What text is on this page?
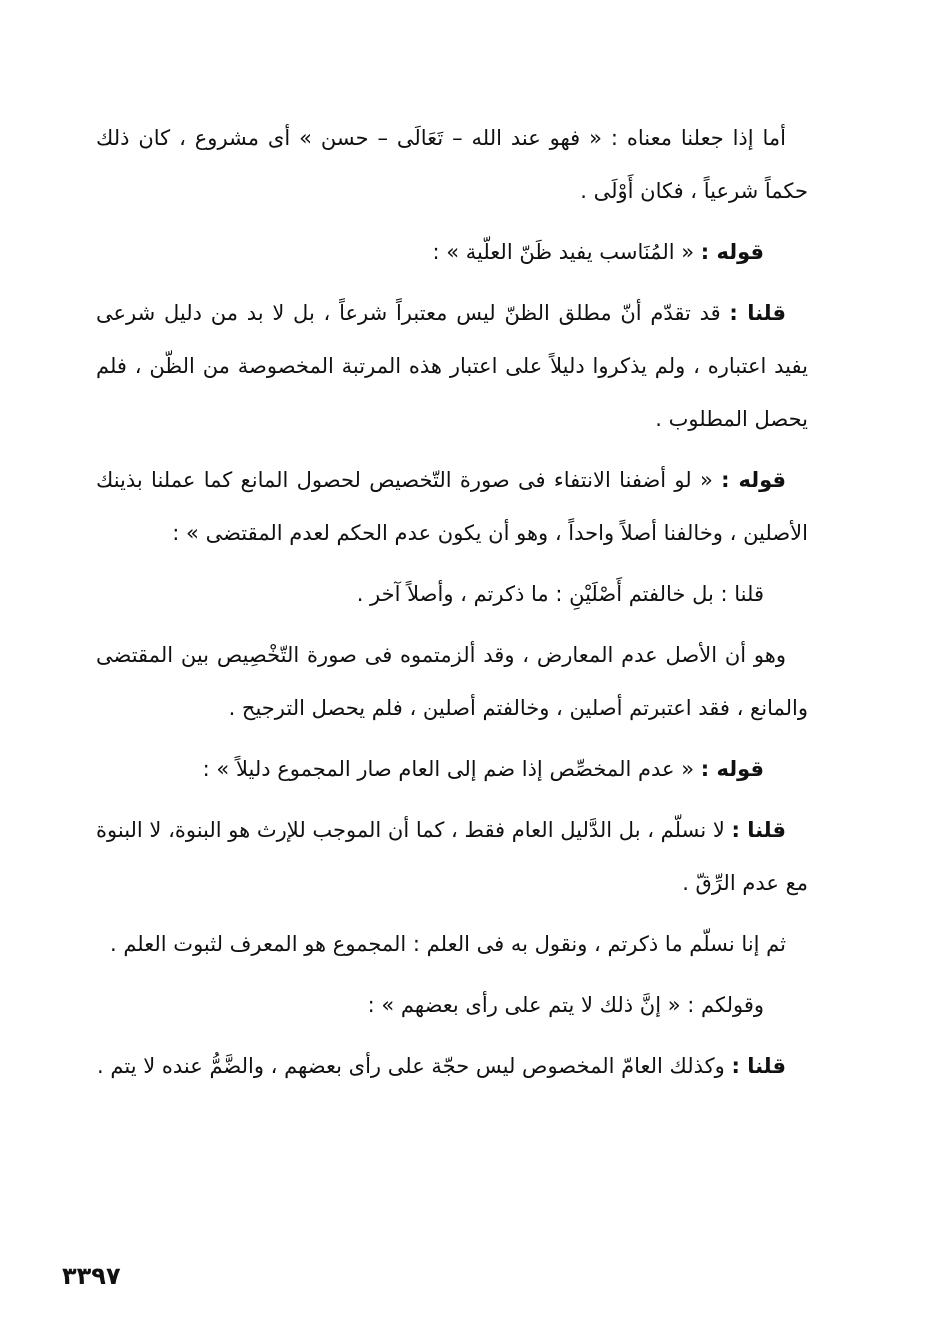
أما إذا جعلنا معناه : « فهو عند الله – تَعَالَى – حسن » أى مشروع ، كان ذلك حكماً شرعياً ، فكان أَوْلَى .

قوله : « المُنَاسب يفيد ظَنّ العلّية » :

قلنا : قد تقدّم أنّ مطلق الظنّ ليس معتبراً شرعاً ، بل لا بد من دليل شرعى يفيد اعتباره ، ولم يذكروا دليلاً على اعتبار هذه المرتبة المخصوصة من الظّن ، فلم يحصل المطلوب .

قوله : « لو أضفنا الانتفاء فى صورة التّخصيص لحصول المانع كما عملنا بذينك الأصلين ، وخالفنا أصلاً واحداً ، وهو أن يكون عدم الحكم لعدم المقتضى » :

قلنا : بل خالفتم أَصْلَيْنِ : ما ذكرتم ، وأصلاً آخر .

وهو أن الأصل عدم المعارض ، وقد ألزمتموه فى صورة التّخْصِيص بين المقتضى والمانع ، فقد اعتبرتم أصلين ، وخالفتم أصلين ، فلم يحصل الترجيح .

قوله : « عدم المخصِّص إذا ضم إلى العام صار المجموع دليلاً » :

قلنا : لا نسلّم ، بل الدَّليل العام فقط ، كما أن الموجب للإرث هو البنوة، لا البنوة مع عدم الرِّقّ .

ثم إنا نسلّم ما ذكرتم ، ونقول به فى العلم : المجموع هو المعرف لثبوت العلم .

وقولكم : « إنَّ ذلك لا يتم على رأى بعضهم » :

قلنا : وكذلك العامّ المخصوص ليس حجّة على رأى بعضهم ، والضَّمُّ عنده لا يتم .

٣٣٩٧
